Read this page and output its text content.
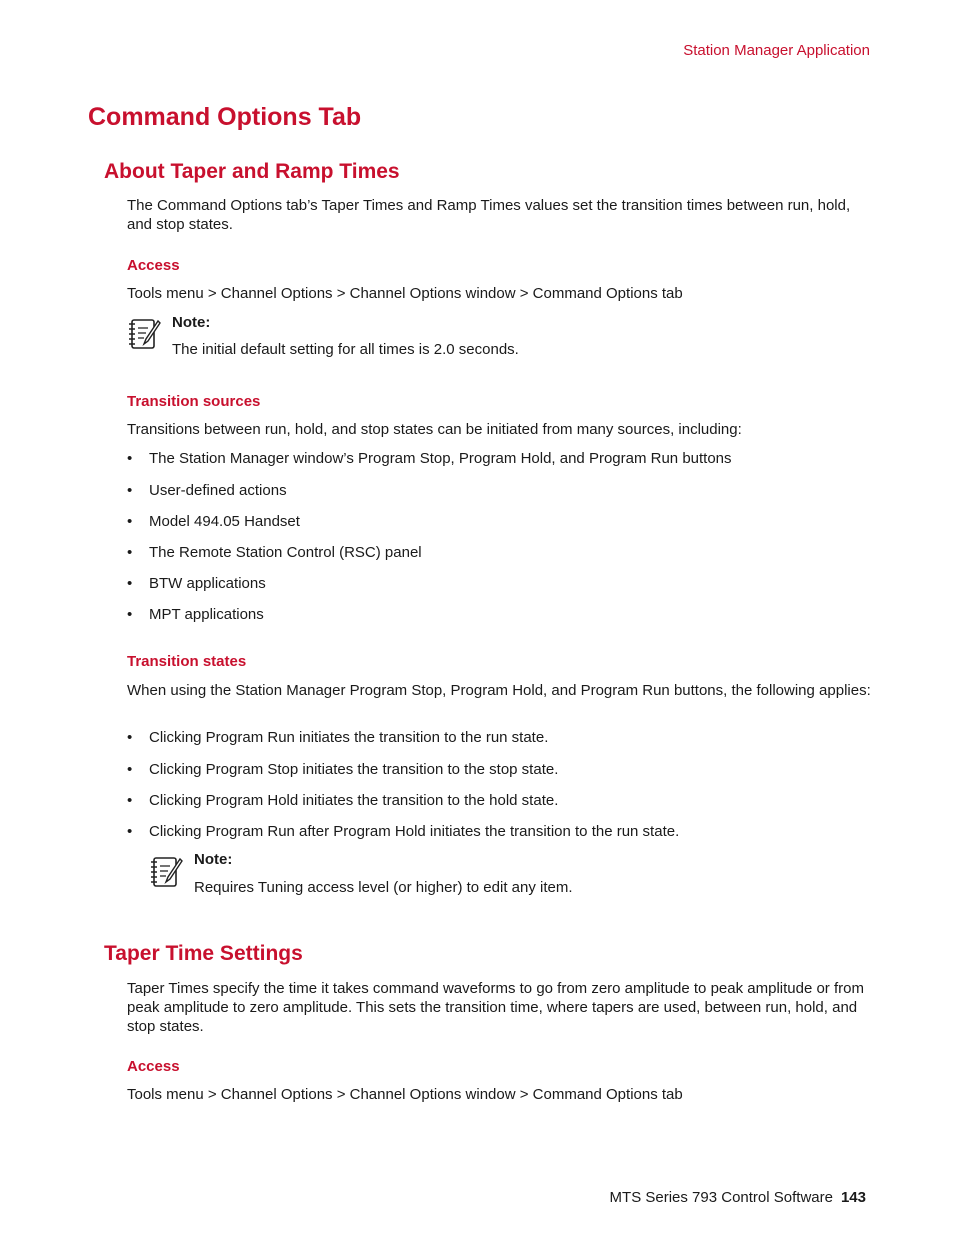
Station Manager Application
Command Options Tab
About Taper and Ramp Times
The Command Options tab’s Taper Times and Ramp Times values set the transition times between run, hold, and stop states.
Access
Tools menu > Channel Options > Channel Options window > Command Options tab
Note:
The initial default setting for all times is 2.0 seconds.
Transition sources
Transitions between run, hold, and stop states can be initiated from many sources, including:
• The Station Manager window’s Program Stop, Program Hold, and Program Run buttons
• User-defined actions
• Model 494.05 Handset
• The Remote Station Control (RSC) panel
• BTW applications
• MPT applications
Transition states
When using the Station Manager Program Stop, Program Hold, and Program Run buttons, the following applies:
• Clicking Program Run initiates the transition to the run state.
• Clicking Program Stop initiates the transition to the stop state.
• Clicking Program Hold initiates the transition to the hold state.
• Clicking Program Run after Program Hold initiates the transition to the run state.
Note:
Requires Tuning access level (or higher) to edit any item.
Taper Time Settings
Taper Times specify the time it takes command waveforms to go from zero amplitude to peak amplitude or from peak amplitude to zero amplitude. This sets the transition time, where tapers are used, between run, hold, and stop states.
Access
Tools menu > Channel Options > Channel Options window > Command Options tab
MTS Series 793 Control Software 143
